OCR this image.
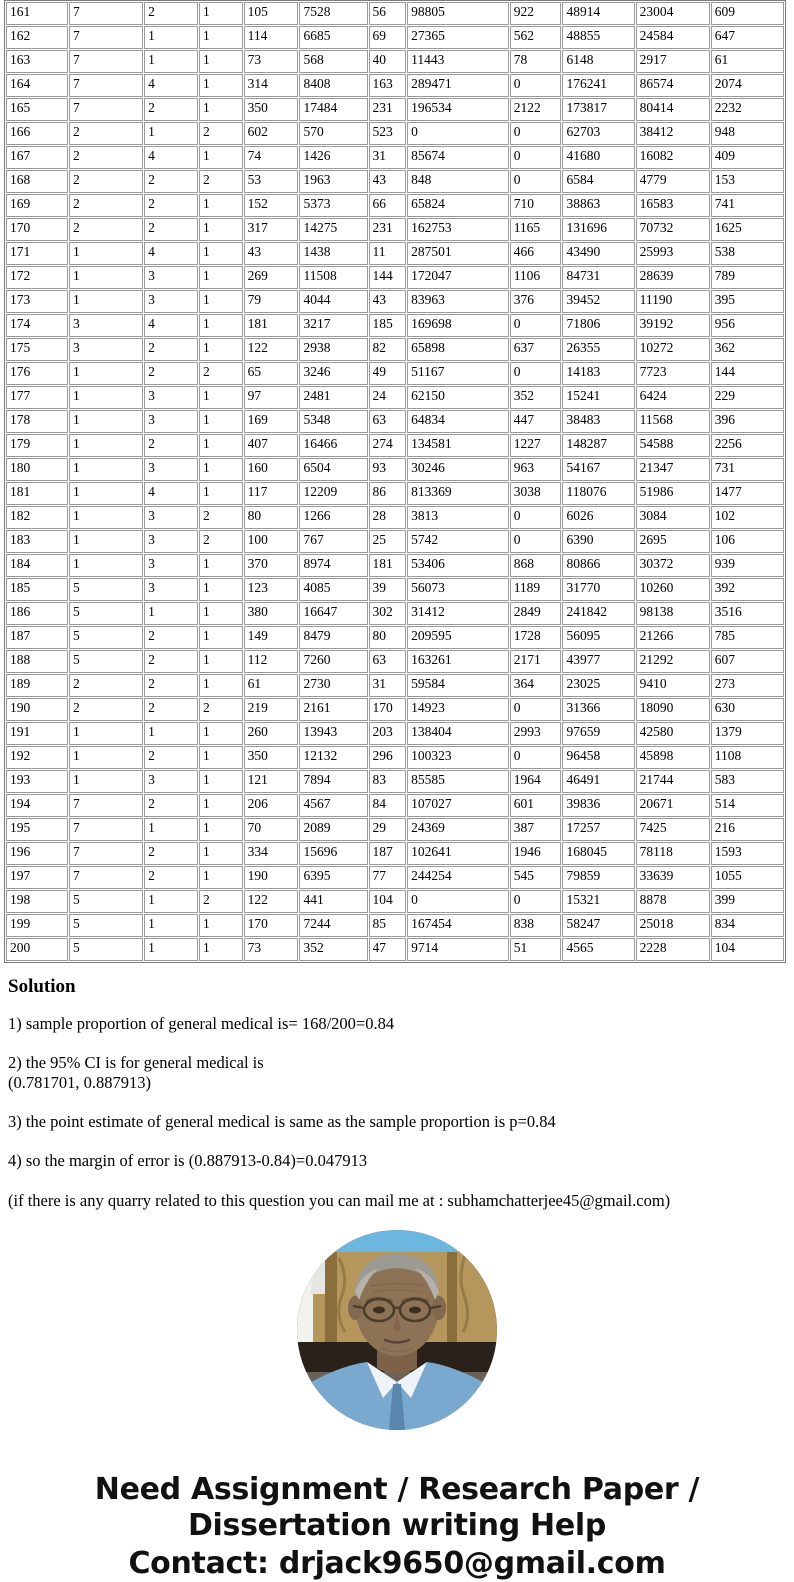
161	7	2	1	105	7528	56	98805	922	48914	23004	609
162	7	1	1	114	6685	69	27365	562	48855	24584	647
163	7	1	1	73	568	40	11443	78	6148	2917	61
164	7	4	1	314	8408	163	289471	0	176241	86574	2074
165	7	2	1	350	17484	231	196534	2122	173817	80414	2232
166	2	1	2	602	570	523	0	0	62703	38412	948
167	2	4	1	74	1426	31	85674	0	41680	16082	409
168	2	2	2	53	1963	43	848	0	6584	4779	153
169	2	2	1	152	5373	66	65824	710	38863	16583	741
170	2	2	1	317	14275	231	162753	1165	131696	70732	1625
171	1	4	1	43	1438	11	287501	466	43490	25993	538
172	1	3	1	269	11508	144	172047	1106	84731	28639	789
173	1	3	1	79	4044	43	83963	376	39452	11190	395
174	3	4	1	181	3217	185	169698	0	71806	39192	956
175	3	2	1	122	2938	82	65898	637	26355	10272	362
176	1	2	2	65	3246	49	51167	0	14183	7723	144
177	1	3	1	97	2481	24	62150	352	15241	6424	229
178	1	3	1	169	5348	63	64834	447	38483	11568	396
179	1	2	1	407	16466	274	134581	1227	148287	54588	2256
180	1	3	1	160	6504	93	30246	963	54167	21347	731
181	1	4	1	117	12209	86	813369	3038	118076	51986	1477
182	1	3	2	80	1266	28	3813	0	6026	3084	102
183	1	3	2	100	767	25	5742	0	6390	2695	106
184	1	3	1	370	8974	181	53406	868	80866	30372	939
185	5	3	1	123	4085	39	56073	1189	31770	10260	392
186	5	1	1	380	16647	302	31412	2849	241842	98138	3516
187	5	2	1	149	8479	80	209595	1728	56095	21266	785
188	5	2	1	112	7260	63	163261	2171	43977	21292	607
189	2	2	1	61	2730	31	59584	364	23025	9410	273
190	2	2	2	219	2161	170	14923	0	31366	18090	630
191	1	1	1	260	13943	203	138404	2993	97659	42580	1379
192	1	2	1	350	12132	296	100323	0	96458	45898	1108
193	1	3	1	121	7894	83	85585	1964	46491	21744	583
194	7	2	1	206	4567	84	107027	601	39836	20671	514
195	7	1	1	70	2089	29	24369	387	17257	7425	216
196	7	2	1	334	15696	187	102641	1946	168045	78118	1593
197	7	2	1	190	6395	77	244254	545	79859	33639	1055
198	5	1	2	122	441	104	0	0	15321	8878	399
199	5	1	1	170	7244	85	167454	838	58247	25018	834
200	5	1	1	73	352	47	9714	51	4565	2228	104
Solution

1) sample proportion of general medical is= 168/200=0.84

2) the 95% CI is for general medical is
(0.781701, 0.887913)

3) the point estimate of general medical is same as the sample proportion is p=0.84

4) so the margin of error is (0.887913-0.84)=0.047913

(if there is any quarry related to this question you can mail me at : subhamchatterjee45@gmail.com)

Need Assignment / Research Paper / Dissertation writing Help
Contact: drjack9650@gmail.com
